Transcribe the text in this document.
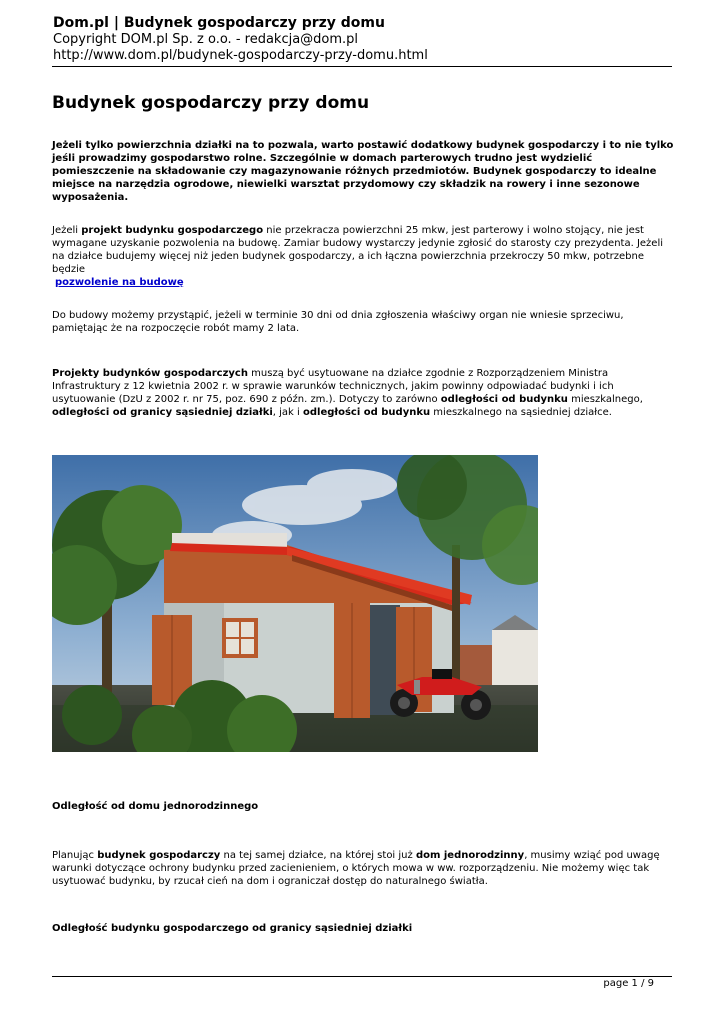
Dom.pl | Budynek gospodarczy przy domu
Copyright DOM.pl Sp. z o.o. - redakcja@dom.pl
http://www.dom.pl/budynek-gospodarczy-przy-domu.html
Budynek gospodarczy przy domu

Jeżeli tylko powierzchnia działki na to pozwala, warto postawić dodatkowy budynek gospodarczy i to nie tylko jeśli prowadzimy gospodarstwo rolne. Szczególnie w domach parterowych trudno jest wydzielić pomieszczenie na składowanie czy magazynowanie różnych przedmiotów. Budynek gospodarczy to idealne miejsce na narzędzia ogrodowe, niewielki warsztat przydomowy czy składzik na rowery i inne sezonowe wyposażenia.

Jeżeli projekt budynku gospodarczego nie przekracza powierzchni 25 mkw, jest parterowy i wolno stojący, nie jest wymagane uzyskanie pozwolenia na budowę. Zamiar budowy wystarczy jedynie zgłosić do starosty czy prezydenta. Jeżeli na działce budujemy więcej niż jeden budynek gospodarczy, a ich łączna powierzchnia przekroczy 50 mkw, potrzebne będzie
pozwolenie na budowę

Do budowy możemy przystąpić, jeżeli w terminie 30 dni od dnia zgłoszenia właściwy organ nie wniesie sprzeciwu, pamiętając że na rozpoczęcie robót mamy 2 lata.

Projekty budynków gospodarczych muszą być usytuowane na działce zgodnie z Rozporządzeniem Ministra Infrastruktury z 12 kwietnia 2002 r. w sprawie warunków technicznych, jakim powinny odpowiadać budynki i ich usytuowanie (DzU z 2002 r. nr 75, poz. 690 z późn. zm.). Dotyczy to zarówno odległości od budynku mieszkalnego, odległości od granicy sąsiedniej działki, jak i odległości od budynku mieszkalnego na sąsiedniej działce.

Odległość od domu jednorodzinnego

Planując budynek gospodarczy na tej samej działce, na której stoi już dom jednorodzinny, musimy wziąć pod uwagę warunki dotyczące ochrony budynku przed zacienieniem, o których mowa w ww. rozporządzeniu. Nie możemy więc tak usytuować budynku, by rzucał cień na dom i ograniczał dostęp do naturalnego światła.

Odległość budynku gospodarczego od granicy sąsiedniej działki

page 1 / 9
